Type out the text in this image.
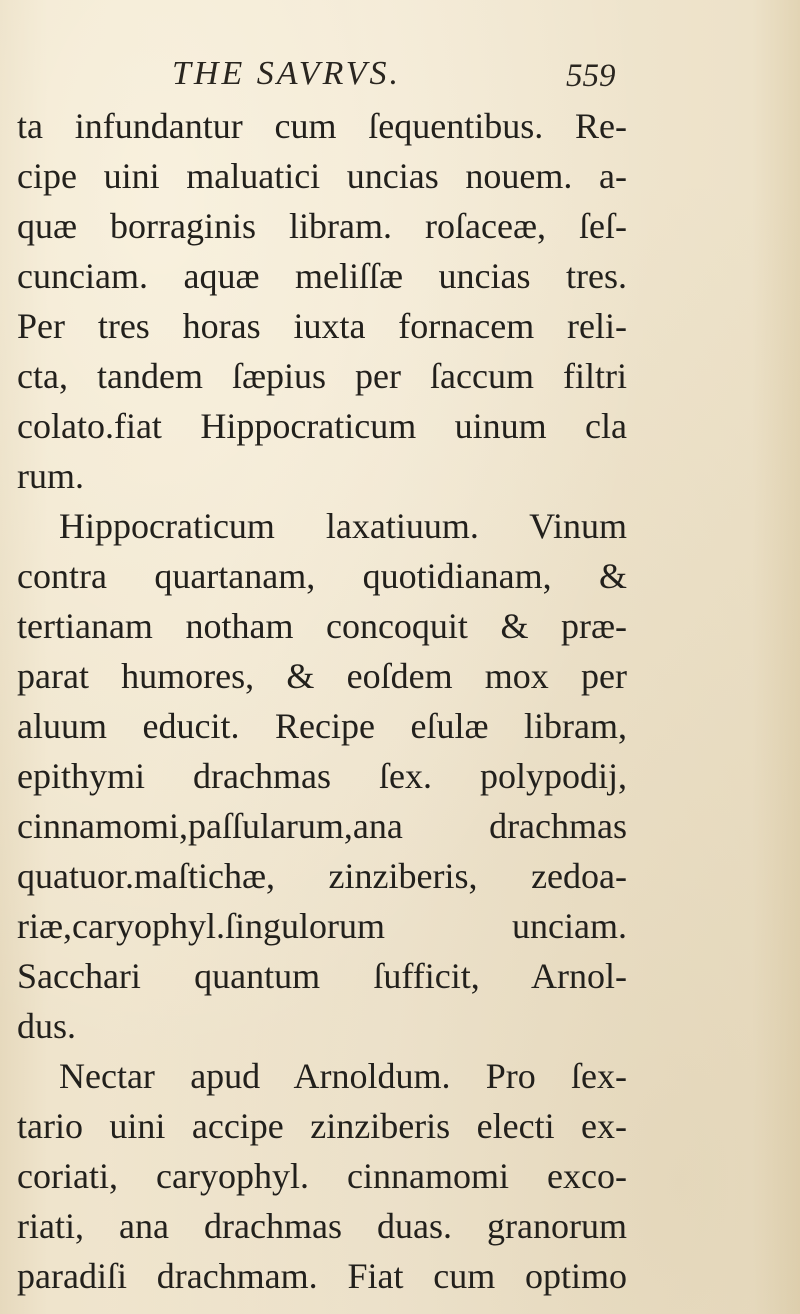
THE SAVRVS.	559
ta infundantur cum ſequentibus. Re-
cipe uini maluatici uncias nouem. a-
quæ borraginis libram. roſaceæ, ſeſ-
cunciam. aquæ meliſſæ uncias tres.
Per tres horas iuxta fornacem reli-
cta, tandem ſæpius per ſaccum filtri
colato.fiat Hippocraticum uinum cla
rum.
Hippocraticum laxatiuum. Vinum
contra quartanam, quotidianam, &
tertianam notham concoquit & præ-
parat humores, & eoſdem mox per
aluum educit. Recipe eſulæ libram,
epithymi drachmas ſex. polypodij,
cinnamomi,paſſularum,ana drachmas
quatuor.maſtichæ, zinziberis, zedoa-
riæ,caryophyl.ſingulorum unciam.
Sacchari quantum ſufficit, Arnol-
dus.
Nectar apud Arnoldum. Pro ſex-
tario uini accipe zinziberis electi ex-
coriati, caryophyl. cinnamomi exco-
riati, ana drachmas duas. granorum
paradiſi drachmam. Fiat cum optimo
